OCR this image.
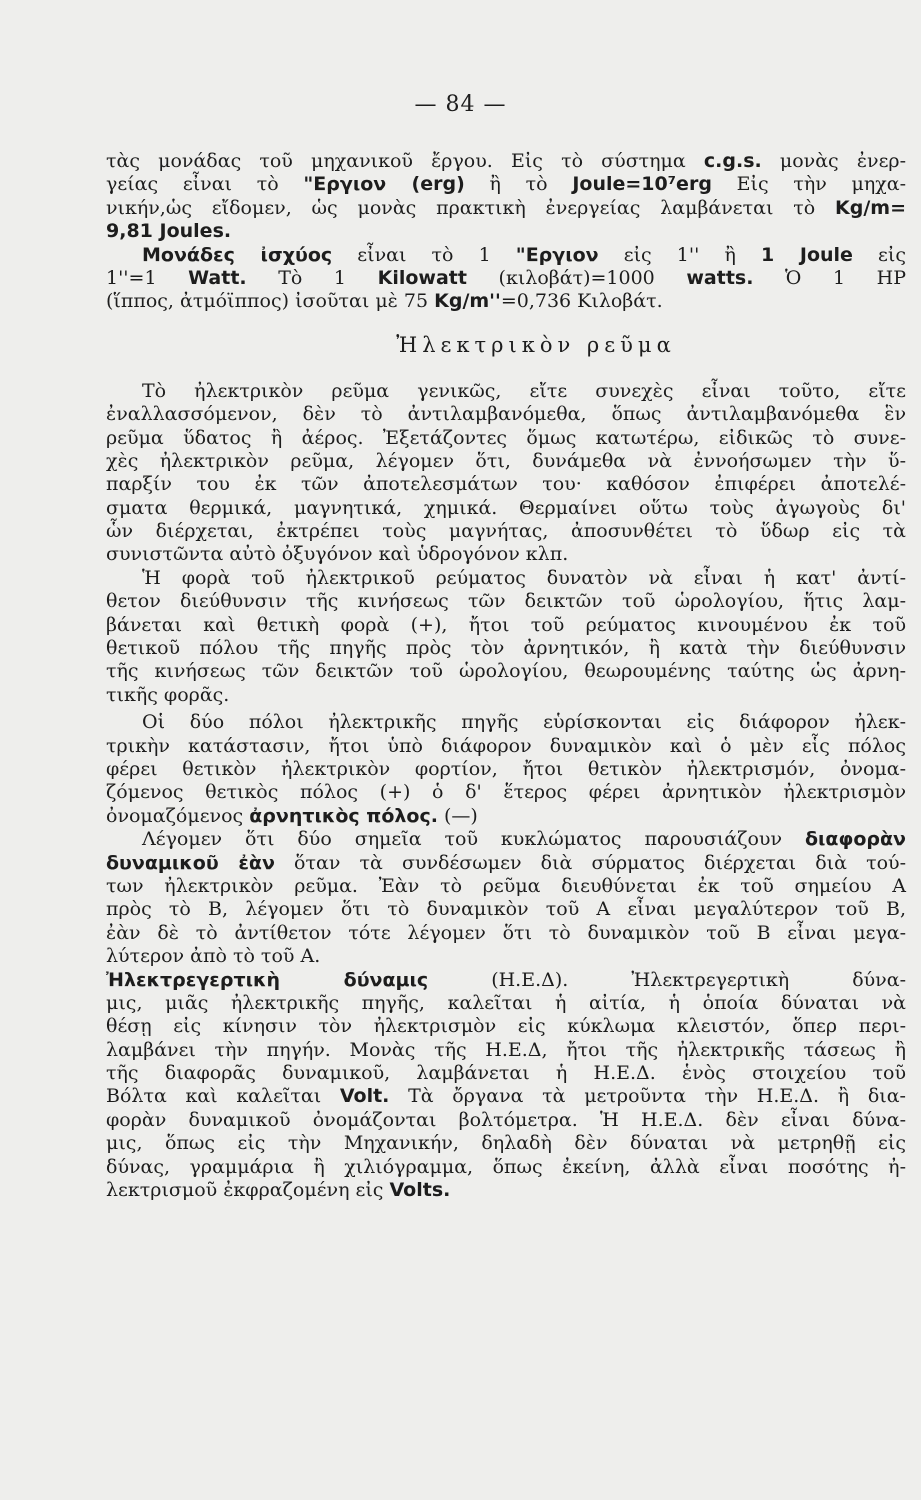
— 84 —
τὰς μονάδας τοῦ μηχανικοῦ ἔργου. Εἰς τὸ σύστημα c.g.s. μονὰς ἐνερ-
γείας εἶναι τὸ "Εργιον (erg) ἢ τὸ Joule=10⁷erg Εἰς τὴν μηχα-
νικήν,ὡς εἴδομεν, ὡς μονὰς πρακτικὴ ἐνεργείας λαμβάνεται τὸ Kg/m=
9,81 Joules.
Μονάδες ἰσχύος εἶναι τὸ 1 "Εργιον εἰς 1'' ἢ 1 Joule εἰς
1''=1 Watt. Τὸ 1 Kilowatt (κιλοβάτ)=1000 watts. Ὁ 1 HP
(ἵππος, ἀτμόϊππος) ἰσοῦται μὲ 75 Kg/m''=0,736 Κιλοβάτ.
Ἠλεκτρικὸν ρεῦμα
Τὸ ἠλεκτρικὸν ρεῦμα γενικῶς, εἴτε συνεχὲς εἶναι τοῦτο, εἴτε
ἐναλλασσόμενον, δὲν τὸ ἀντιλαμβανόμεθα, ὅπως ἀντιλαμβανόμεθα ἓν
ρεῦμα ὕδατος ἢ ἀέρος. Ἐξετάζοντες ὅμως κατωτέρω, εἰδικῶς τὸ συνε-
χὲς ἠλεκτρικὸν ρεῦμα, λέγομεν ὅτι, δυνάμεθα νὰ ἐννοήσωμεν τὴν ὕ-
παρξίν του ἐκ τῶν ἀποτελεσμάτων του· καθόσον ἐπιφέρει ἀποτελέ-
σματα θερμικά, μαγνητικά, χημικά. Θερμαίνει οὕτω τοὺς ἀγωγοὺς δι'
ὧν διέρχεται, ἐκτρέπει τοὺς μαγνήτας, ἀποσυνθέτει τὸ ὕδωρ εἰς τὰ
συνιστῶντα αὐτὸ ὀξυγόνον καὶ ὑδρογόνον κλπ.
Ἡ φορὰ τοῦ ἠλεκτρικοῦ ρεύματος δυνατὸν νὰ εἶναι ἡ κατ' ἀντί-
θετον διεύθυνσιν τῆς κινήσεως τῶν δεικτῶν τοῦ ὡρολογίου, ἥτις λαμ-
βάνεται καὶ θετικὴ φορὰ (+), ἤτοι τοῦ ρεύματος κινουμένου ἐκ τοῦ
θετικοῦ πόλου τῆς πηγῆς πρὸς τὸν ἀρνητικόν, ἢ κατὰ τὴν διεύθυνσιν
τῆς κινήσεως τῶν δεικτῶν τοῦ ὡρολογίου, θεωρουμένης ταύτης ὡς ἀρνη-
τικῆς φορᾶς.
Οἱ δύο πόλοι ἠλεκτρικῆς πηγῆς εὑρίσκονται εἰς διάφορον ἠλεκ-
τρικὴν κατάστασιν, ἤτοι ὑπὸ διάφορον δυναμικὸν καὶ ὁ μὲν εἷς πόλος
φέρει θετικὸν ἠλεκτρικὸν φορτίον, ἤτοι θετικὸν ἠλεκτρισμόν, ὀνομα-
ζόμενος θετικὸς πόλος (+) ὁ δ' ἕτερος φέρει ἀρνητικὸν ἠλεκτρισμὸν
ὀνομαζόμενος ἀρνητικὸς πόλος. (—)
Λέγομεν ὅτι δύο σημεῖα τοῦ κυκλώματος παρουσιάζουν διαφορὰν
δυναμικοῦ ἐὰν ὅταν τὰ συνδέσωμεν διὰ σύρματος διέρχεται διὰ τού-
των ἠλεκτρικὸν ρεῦμα. Ἐὰν τὸ ρεῦμα διευθύνεται ἐκ τοῦ σημείου A
πρὸς τὸ B, λέγομεν ὅτι τὸ δυναμικὸν τοῦ A εἶναι μεγαλύτερον τοῦ B,
ἐὰν δὲ τὸ ἀντίθετον τότε λέγομεν ὅτι τὸ δυναμικὸν τοῦ B εἶναι μεγα-
λύτερον ἀπὸ τὸ τοῦ A.
Ἠλεκτρεγερτικὴ δύναμις (Η.Ε.Δ). Ἠλεκτρεγερτικὴ δύνα-
μις, μιᾶς ἠλεκτρικῆς πηγῆς, καλεῖται ἡ αἰτία, ἡ ὁποία δύναται νὰ
θέσῃ εἰς κίνησιν τὸν ἠλεκτρισμὸν εἰς κύκλωμα κλειστόν, ὅπερ περι-
λαμβάνει τὴν πηγήν. Μονὰς τῆς Η.Ε.Δ, ἤτοι τῆς ἠλεκτρικῆς τάσεως ἢ
τῆς διαφορᾶς δυναμικοῦ, λαμβάνεται ἡ Η.Ε.Δ. ἑνὸς στοιχείου τοῦ
Βόλτα καὶ καλεῖται Volt. Τὰ ὄργανα τὰ μετροῦντα τὴν Η.Ε.Δ. ἢ δια-
φορὰν δυναμικοῦ ὀνομάζονται βολτόμετρα. Ἡ Η.Ε.Δ. δὲν εἶναι δύνα-
μις, ὅπως εἰς τὴν Μηχανικήν, δηλαδὴ δὲν δύναται νὰ μετρηθῇ εἰς
δύνας, γραμμάρια ἢ χιλιόγραμμα, ὅπως ἐκείνη, ἀλλὰ εἶναι ποσότης ἠ-
λεκτρισμοῦ ἐκφραζομένη εἰς Volts.
